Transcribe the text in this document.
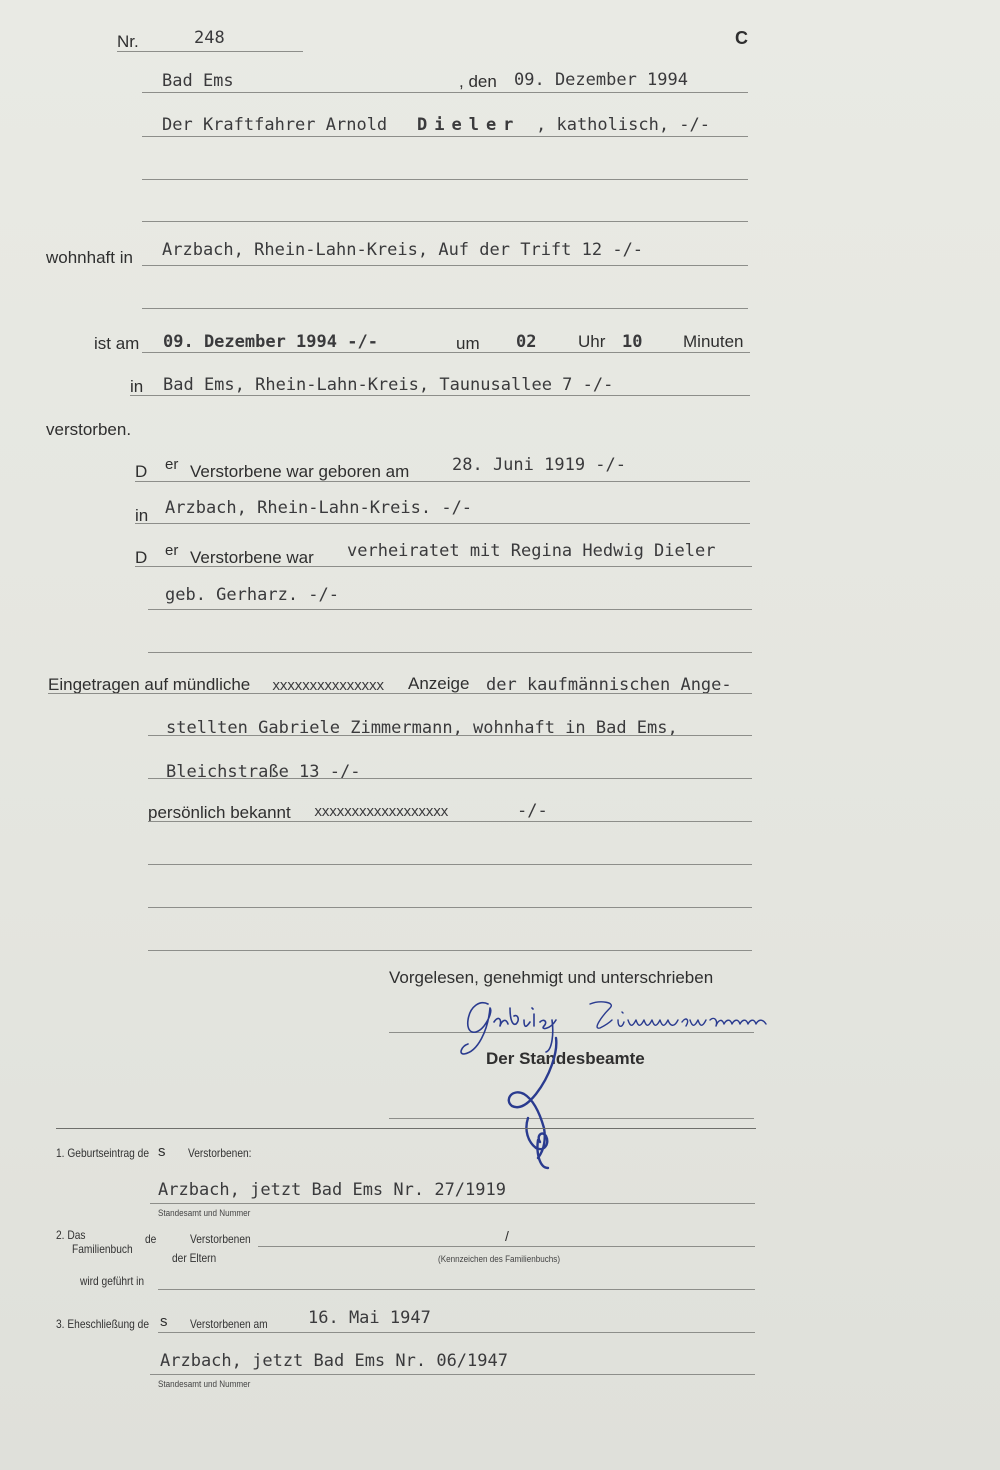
Nr.	248	C
Bad Ems	, den 09. Dezember 1994
Der Kraftfahrer Arnold Dieler , katholisch, -/-
wohnhaft in Arzbach, Rhein-Lahn-Kreis, Auf der Trift 12 -/-
ist am 09. Dezember 1994 -/-	um 02 Uhr 10 Minuten
in Bad Ems, Rhein-Lahn-Kreis, Taunusallee 7 -/-
verstorben.
D er Verstorbene war geboren am	28. Juni 1919 -/-
in Arzbach, Rhein-Lahn-Kreis. -/-
D er Verstorbene war verheiratet mit Regina Hedwig Dieler
geb. Gerharz. -/-
Eingetragen auf mündliche xxxxxxxxxxxxxxx Anzeige der kaufmännischen Ange-
stellten Gabriele Zimmermann, wohnhaft in Bad Ems,
Bleichstraße 13 -/-
persönlich bekannt xxxxxxxxxxxxxxxxxx	-/-
Vorgelesen, genehmigt und unterschrieben
Der Standesbeamte
1. Geburtseintrag de s Verstorbenen:
Arzbach, jetzt Bad Ems Nr. 27/1919
Standesamt und Nummer
2. Das
Familienbuch
de	Verstorbenen	/
der Eltern	(Kennzeichen des Familienbuchs)
wird geführt in
3. Eheschließung de s Verstorbenen am 16. Mai 1947
Arzbach, jetzt Bad Ems Nr. 06/1947
Standesamt und Nummer
